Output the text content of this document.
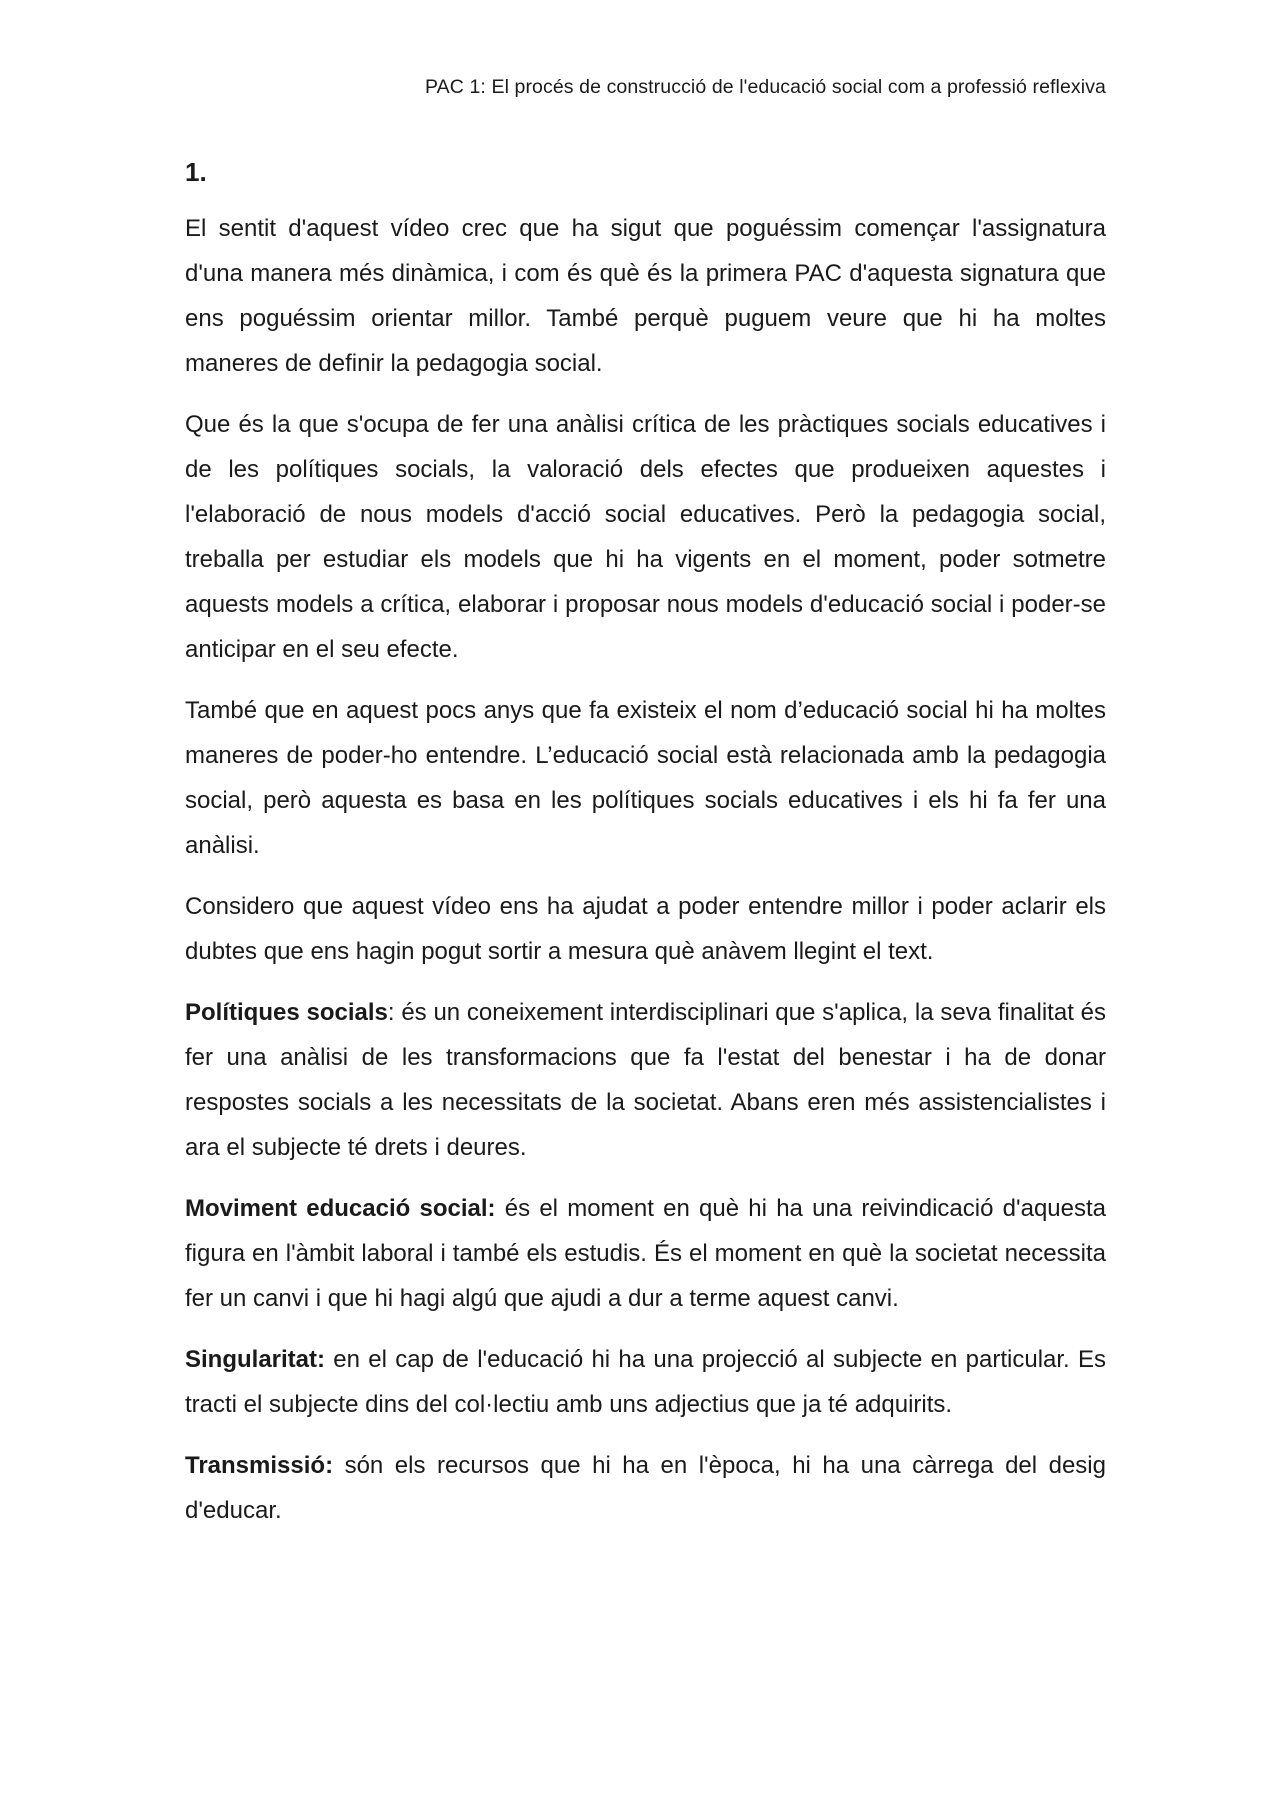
PAC 1: El procés de construcció de l'educació social com a professió reflexiva
1.

El sentit d'aquest vídeo crec que ha sigut que poguéssim començar l'assignatura d'una manera més dinàmica, i com és què és la primera PAC d'aquesta signatura que ens poguéssim orientar millor. També perquè puguem veure que hi ha moltes maneres de definir la pedagogia social.

Que és la que s'ocupa de fer una anàlisi crítica de les pràctiques socials educatives i de les polítiques socials, la valoració dels efectes que produeixen aquestes i l'elaboració de nous models d'acció social educatives. Però la pedagogia social, treballa per estudiar els models que hi ha vigents en el moment, poder sotmetre aquests models a crítica, elaborar i proposar nous models d'educació social i poder-se anticipar en el seu efecte.

També que en aquest pocs anys que fa existeix el nom d’educació social hi ha moltes maneres de poder-ho entendre. L’educació social està relacionada amb la pedagogia social, però aquesta es basa en les polítiques socials educatives i els hi fa fer una anàlisi.

Considero que aquest vídeo ens ha ajudat a poder entendre millor i poder aclarir els dubtes que ens hagin pogut sortir a mesura què anàvem llegint el text.

Polítiques socials: és un coneixement interdisciplinari que s'aplica, la seva finalitat és fer una anàlisi de les transformacions que fa l'estat del benestar i ha de donar respostes socials a les necessitats de la societat. Abans eren més assistencialistes i ara el subjecte té drets i deures.

Moviment educació social: és el moment en què hi ha una reivindicació d'aquesta figura en l'àmbit laboral i també els estudis. És el moment en què la societat necessita fer un canvi i que hi hagi algú que ajudi a dur a terme aquest canvi.

Singularitat: en el cap de l'educació hi ha una projecció al subjecte en particular. Es tracti el subjecte dins del col·lectiu amb uns adjectius que ja té adquirits.

Transmissió: són els recursos que hi ha en l'època, hi ha una càrrega del desig d'educar.
